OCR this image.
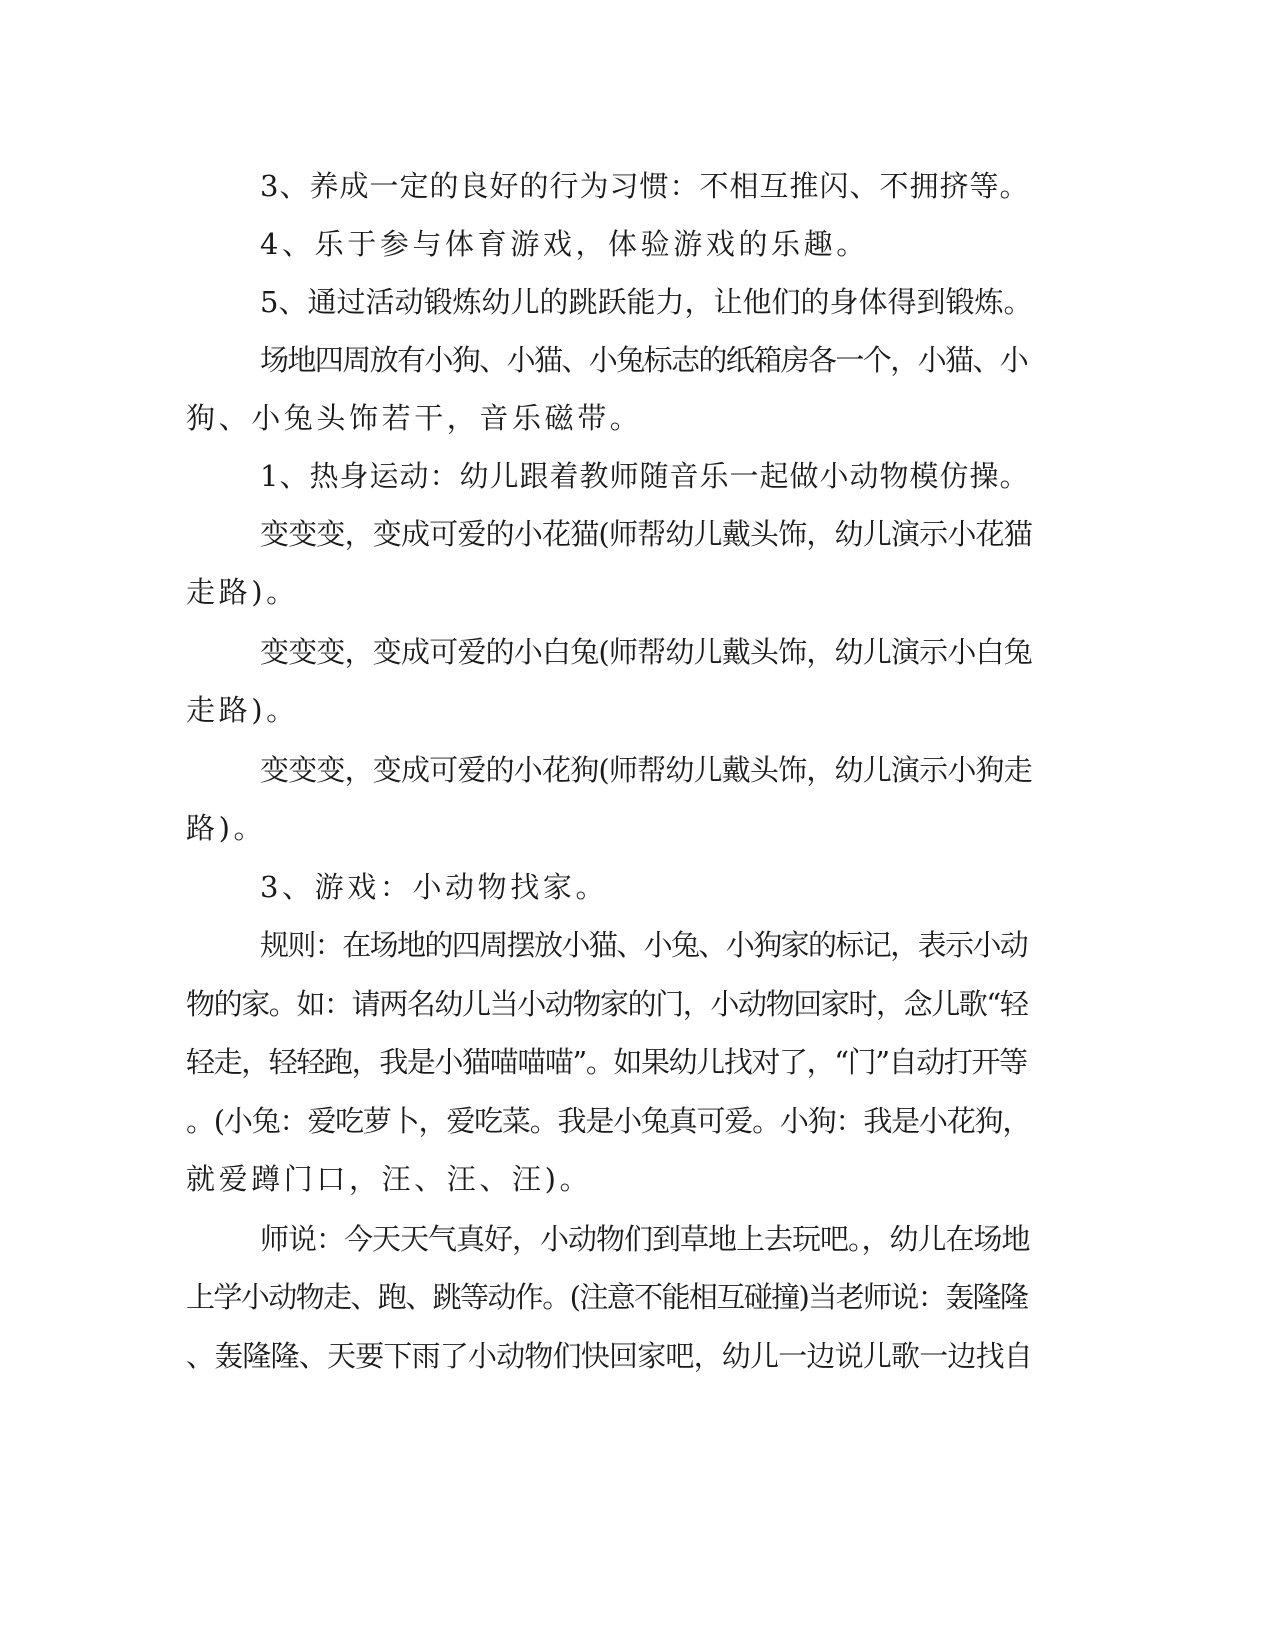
3、养成一定的良好的行为习惯：不相互推闪、不拥挤等。
4、乐于参与体育游戏，体验游戏的乐趣。
5、通过活动锻炼幼儿的跳跃能力，让他们的身体得到锻炼。
场地四周放有小狗、小猫、小兔标志的纸箱房各一个，小猫、小
狗、小兔头饰若干，音乐磁带。
1、热身运动：幼儿跟着教师随音乐一起做小动物模仿操。
变变变，变成可爱的小花猫(师帮幼儿戴头饰，幼儿演示小花猫
走路)。
变变变，变成可爱的小白兔(师帮幼儿戴头饰，幼儿演示小白兔
走路)。
变变变，变成可爱的小花狗(师帮幼儿戴头饰，幼儿演示小狗走
路)。
3、游戏：小动物找家。
规则：在场地的四周摆放小猫、小兔、小狗家的标记，表示小动
物的家。如：请两名幼儿当小动物家的门，小动物回家时，念儿歌“轻
轻走，轻轻跑，我是小猫喵喵喵”。如果幼儿找对了，“门”自动打开等
。(小兔：爱吃萝卜，爱吃菜。我是小兔真可爱。小狗：我是小花狗，
就爱蹲门口，汪、汪、汪)。
师说：今天天气真好，小动物们到草地上去玩吧。，幼儿在场地
上学小动物走、跑、跳等动作。(注意不能相互碰撞)当老师说：轰隆隆
、轰隆隆、天要下雨了小动物们快回家吧，幼儿一边说儿歌一边找自
